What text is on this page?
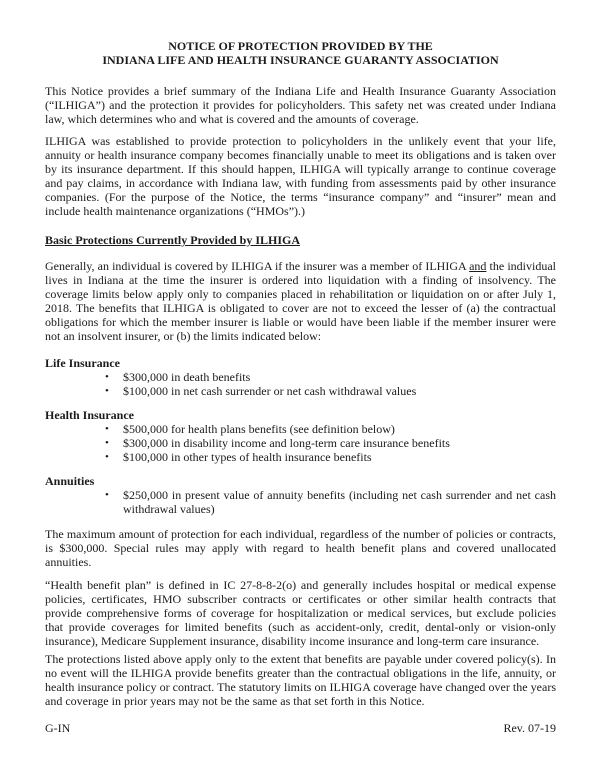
NOTICE OF PROTECTION PROVIDED BY THE
INDIANA LIFE AND HEALTH INSURANCE GUARANTY ASSOCIATION

This Notice provides a brief summary of the Indiana Life and Health Insurance Guaranty Association (“ILHIGA”) and the protection it provides for policyholders. This safety net was created under Indiana law, which determines who and what is covered and the amounts of coverage.

ILHIGA was established to provide protection to policyholders in the unlikely event that your life, annuity or health insurance company becomes financially unable to meet its obligations and is taken over by its insurance department. If this should happen, ILHIGA will typically arrange to continue coverage and pay claims, in accordance with Indiana law, with funding from assessments paid by other insurance companies. (For the purpose of the Notice, the terms “insurance company” and “insurer” mean and include health maintenance organizations (“HMOs”).)

Basic Protections Currently Provided by ILHIGA

Generally, an individual is covered by ILHIGA if the insurer was a member of ILHIGA and the individual lives in Indiana at the time the insurer is ordered into liquidation with a finding of insolvency. The coverage limits below apply only to companies placed in rehabilitation or liquidation on or after July 1, 2018. The benefits that ILHIGA is obligated to cover are not to exceed the lesser of (a) the contractual obligations for which the member insurer is liable or would have been liable if the member insurer were not an insolvent insurer, or (b) the limits indicated below:

Life Insurance
•	$300,000 in death benefits
•	$100,000 in net cash surrender or net cash withdrawal values
Health Insurance
•	$500,000 for health plans benefits (see definition below)
•	$300,000 in disability income and long-term care insurance benefits
•	$100,000 in other types of health insurance benefits
Annuities
•	$250,000 in present value of annuity benefits (including net cash surrender and net cash withdrawal values)

The maximum amount of protection for each individual, regardless of the number of policies or contracts, is $300,000. Special rules may apply with regard to health benefit plans and covered unallocated annuities.

“Health benefit plan” is defined in IC 27-8-8-2(o) and generally includes hospital or medical expense policies, certificates, HMO subscriber contracts or certificates or other similar health contracts that provide comprehensive forms of coverage for hospitalization or medical services, but exclude policies that provide coverages for limited benefits (such as accident-only, credit, dental-only or vision-only insurance), Medicare Supplement insurance, disability income insurance and long-term care insurance.

The protections listed above apply only to the extent that benefits are payable under covered policy(s). In no event will the ILHIGA provide benefits greater than the contractual obligations in the life, annuity, or health insurance policy or contract. The statutory limits on ILHIGA coverage have changed over the years and coverage in prior years may not be the same as that set forth in this Notice.

G-IN	Rev. 07-19
